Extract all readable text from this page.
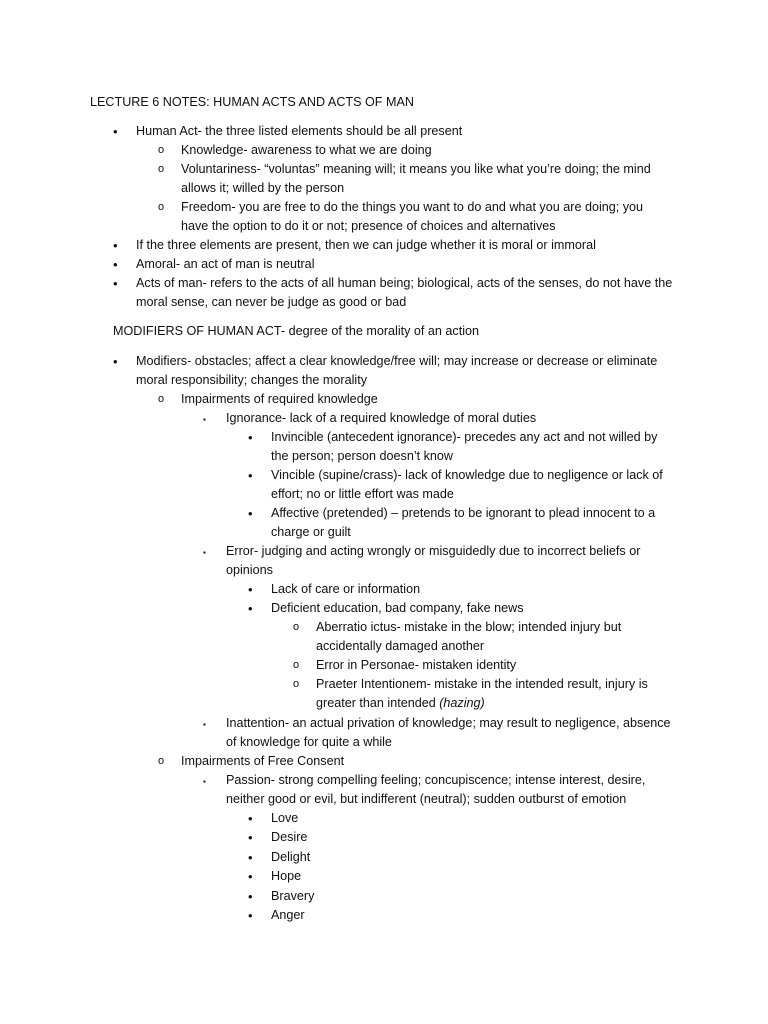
LECTURE 6 NOTES: HUMAN ACTS AND ACTS OF MAN
•	Human Act- the three listed elements should be all present
o	Knowledge- awareness to what we are doing
o	Voluntariness- “voluntas” meaning will; it means you like what you’re doing; the mind
allows it; willed by the person
o	Freedom- you are free to do the things you want to do and what you are doing; you
have the option to do it or not; presence of choices and alternatives
•	If the three elements are present, then we can judge whether it is moral or immoral
•	Amoral- an act of man is neutral
•	Acts of man- refers to the acts of all human being; biological, acts of the senses, do not have the
moral sense, can never be judge as good or bad
MODIFIERS OF HUMAN ACT- degree of the morality of an action
•	Modifiers- obstacles; affect a clear knowledge/free will; may increase or decrease or eliminate
moral responsibility; changes the morality
o	Impairments of required knowledge
▪	Ignorance- lack of a required knowledge of moral duties
•	Invincible (antecedent ignorance)- precedes any act and not willed by
the person; person doesn’t know
•	Vincible (supine/crass)- lack of knowledge due to negligence or lack of
effort; no or little effort was made
•	Affective (pretended) – pretends to be ignorant to plead innocent to a
charge or guilt
▪	Error- judging and acting wrongly or misguidedly due to incorrect beliefs or
opinions
•	Lack of care or information
•	Deficient education, bad company, fake news
o	Aberratio ictus- mistake in the blow; intended injury but
accidentally damaged another
o	Error in Personae- mistaken identity
o	Praeter Intentionem- mistake in the intended result, injury is
greater than intended (hazing)
▪	Inattention- an actual privation of knowledge; may result to negligence, absence
of knowledge for quite a while
o	Impairments of Free Consent
▪	Passion- strong compelling feeling; concupiscence; intense interest, desire,
neither good or evil, but indifferent (neutral); sudden outburst of emotion
•	Love
•	Desire
•	Delight
•	Hope
•	Bravery
•	Anger
